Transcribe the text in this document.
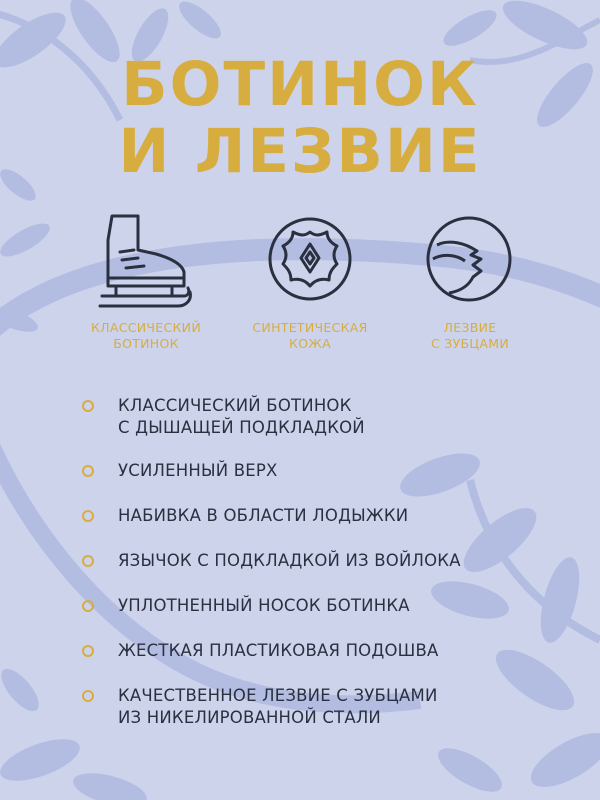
БОТИНОК
И ЛЕЗВИЕ
КЛАССИЧЕСКИЙ
БОТИНОК
СИНТЕТИЧЕСКАЯ
КОЖА
ЛЕЗВИЕ
С ЗУБЦАМИ
КЛАССИЧЕСКИЙ БОТИНОК
С ДЫШАЩЕЙ ПОДКЛАДКОЙ
УСИЛЕННЫЙ ВЕРХ
НАБИВКА В ОБЛАСТИ ЛОДЫЖКИ
ЯЗЫЧОК С ПОДКЛАДКОЙ ИЗ ВОЙЛОКА
УПЛОТНЕННЫЙ НОСОК БОТИНКА
ЖЕСТКАЯ ПЛАСТИКОВАЯ ПОДОШВА
КАЧЕСТВЕННОЕ ЛЕЗВИЕ С ЗУБЦАМИ
ИЗ НИКЕЛИРОВАННОЙ СТАЛИ
